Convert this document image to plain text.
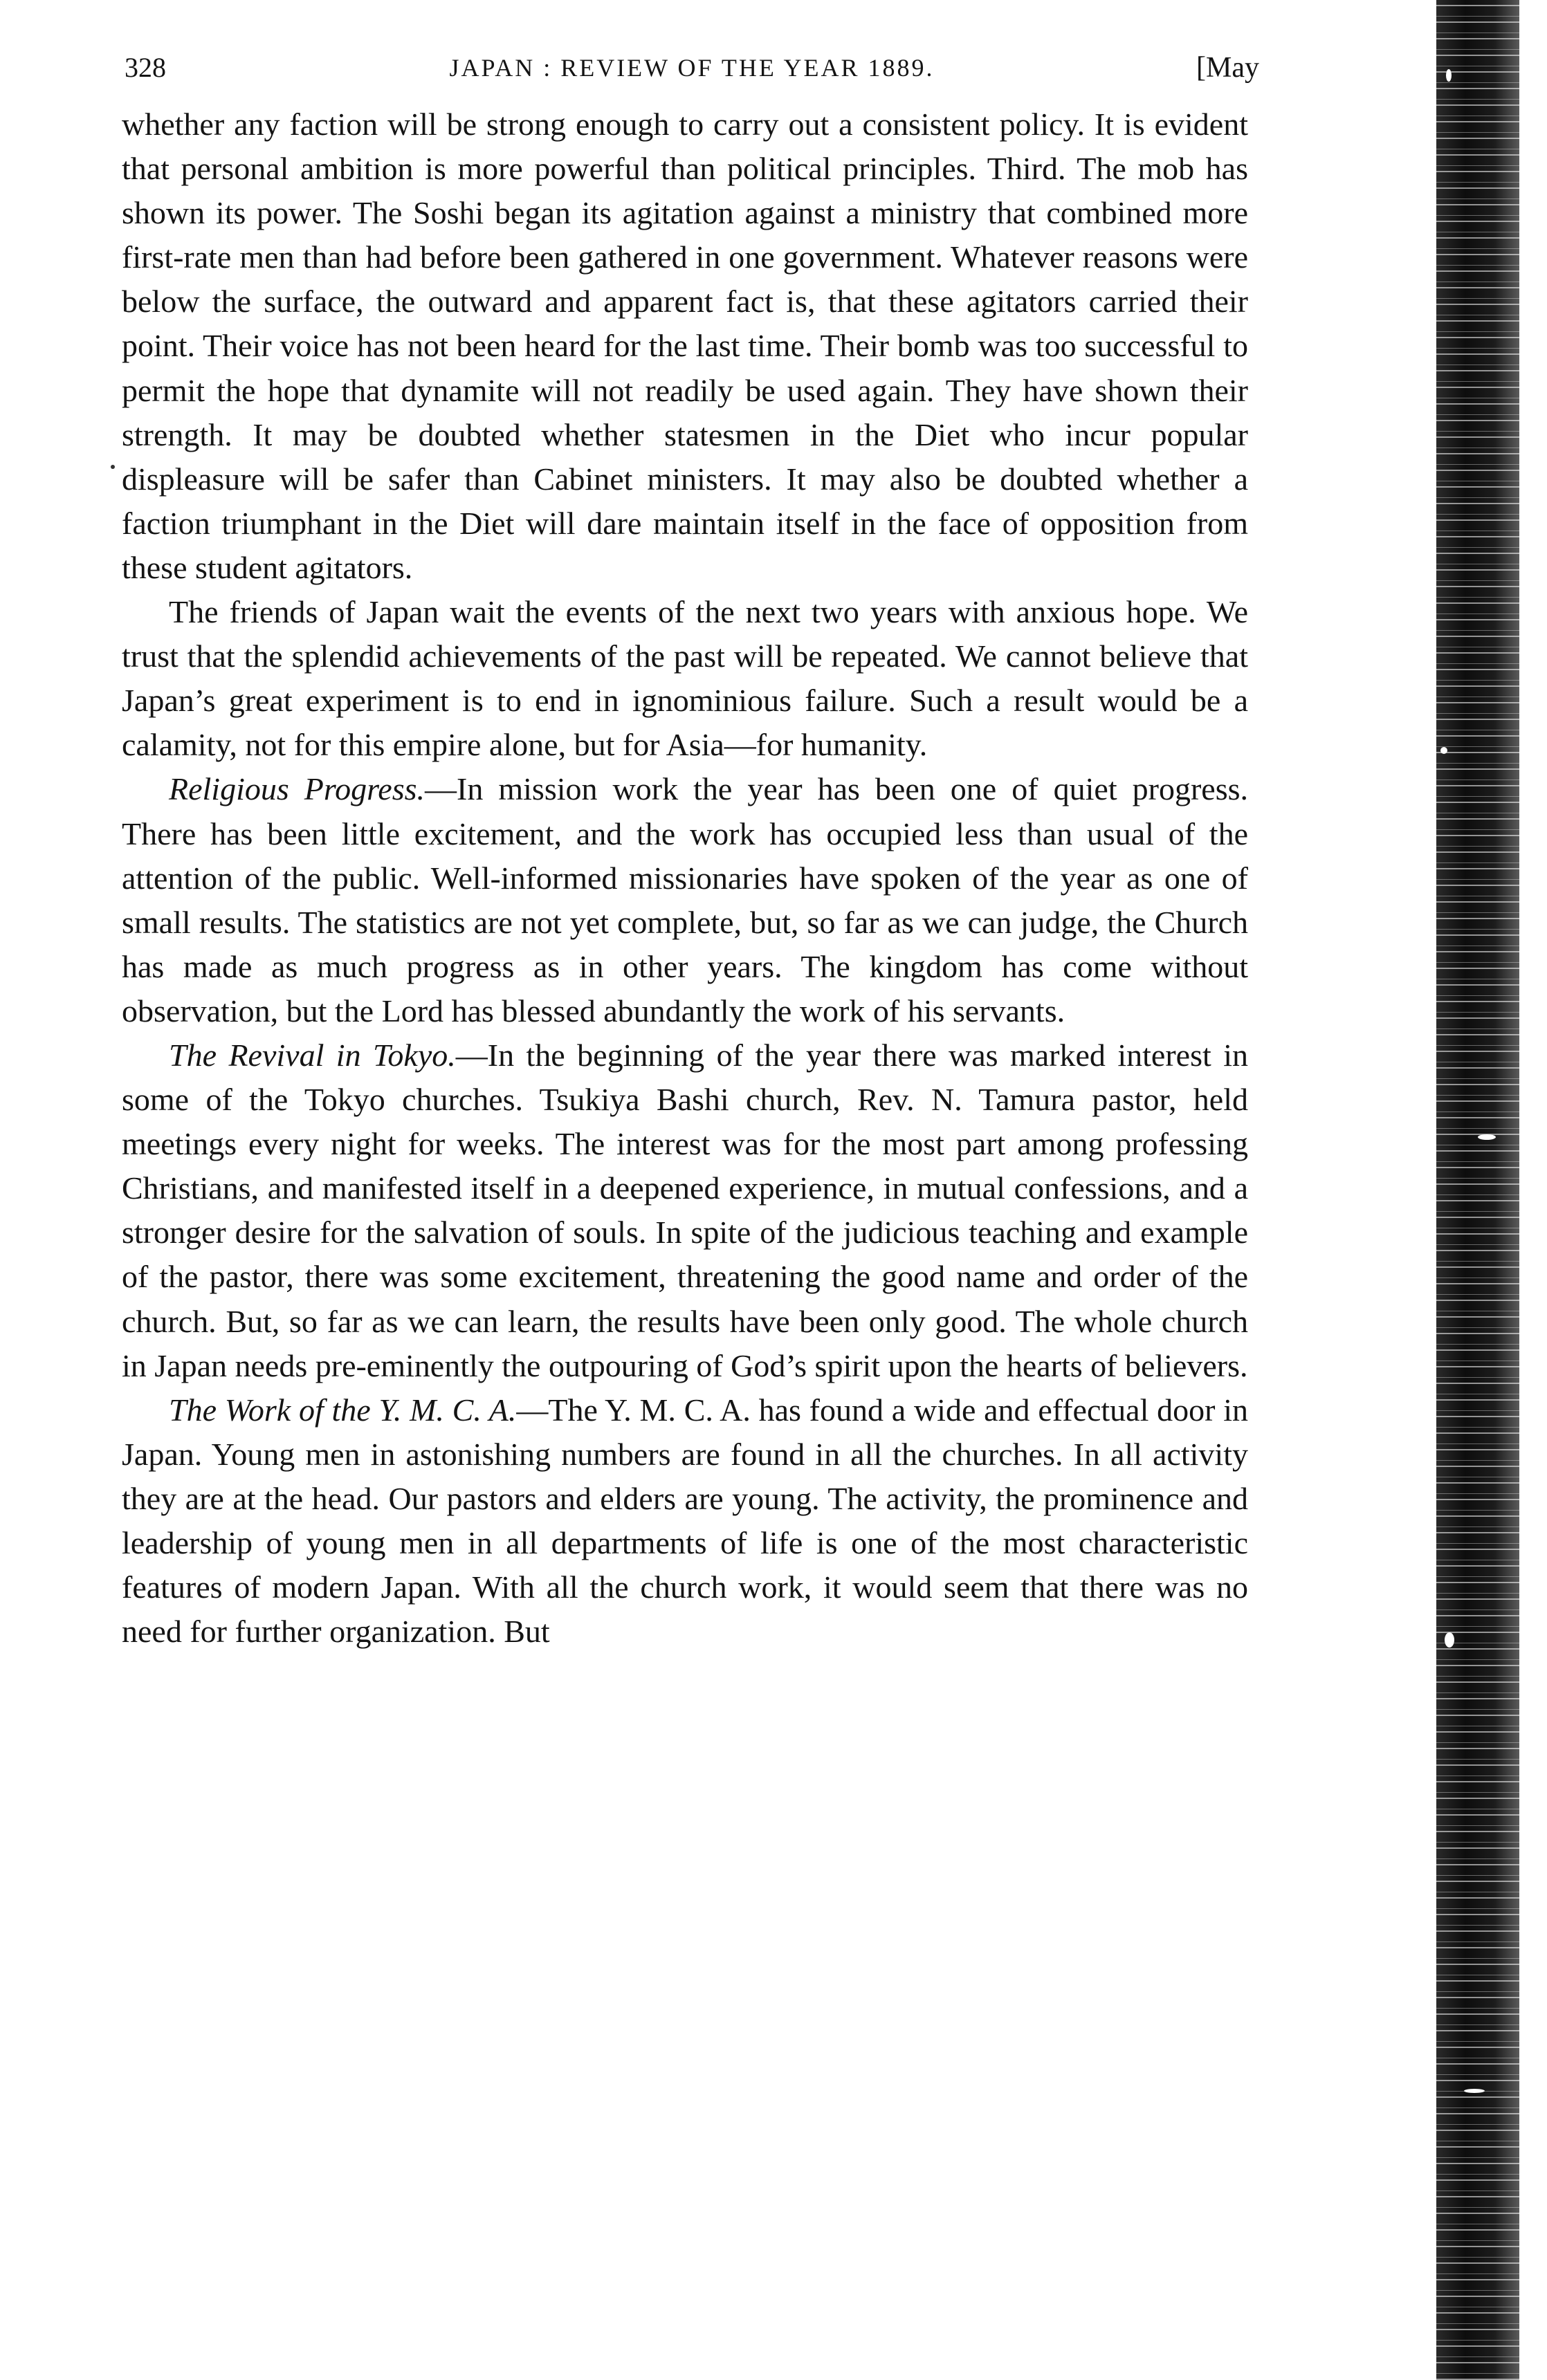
328	JAPAN : REVIEW OF THE YEAR 1889.	[May

whether any faction will be strong enough to carry out a consistent policy. It is evident that personal ambition is more powerful than political principles. Third. The mob has shown its power. The Soshi began its agitation against a ministry that combined more first-rate men than had before been gathered in one government. Whatever reasons were below the surface, the outward and apparent fact is, that these agitators carried their point. Their voice has not been heard for the last time. Their bomb was too successful to permit the hope that dynamite will not readily be used again. They have shown their strength. It may be doubted whether statesmen in the Diet who incur popular displeasure will be safer than Cabinet ministers. It may also be doubted whether a faction triumphant in the Diet will dare maintain itself in the face of opposition from these student agitators.

The friends of Japan wait the events of the next two years with anxious hope. We trust that the splendid achievements of the past will be repeated. We cannot believe that Japan’s great experiment is to end in ignominious failure. Such a result would be a calamity, not for this empire alone, but for Asia—for humanity.

Religious Progress.—In mission work the year has been one of quiet progress. There has been little excitement, and the work has occupied less than usual of the attention of the public. Well-informed missionaries have spoken of the year as one of small results. The statistics are not yet complete, but, so far as we can judge, the Church has made as much progress as in other years. The kingdom has come without observation, but the Lord has blessed abundantly the work of his servants.

The Revival in Tokyo.—In the beginning of the year there was marked interest in some of the Tokyo churches. Tsukiya Bashi church, Rev. N. Tamura pastor, held meetings every night for weeks. The interest was for the most part among professing Christians, and manifested itself in a deepened experience, in mutual confessions, and a stronger desire for the salvation of souls. In spite of the judicious teaching and example of the pastor, there was some excitement, threatening the good name and order of the church. But, so far as we can learn, the results have been only good. The whole church in Japan needs pre-eminently the outpouring of God’s spirit upon the hearts of believers.

The Work of the Y. M. C. A.—The Y. M. C. A. has found a wide and effectual door in Japan. Young men in astonishing numbers are found in all the churches. In all activity they are at the head. Our pastors and elders are young. The activity, the prominence and leadership of young men in all departments of life is one of the most characteristic features of modern Japan. With all the church work, it would seem that there was no need for further organization. But
